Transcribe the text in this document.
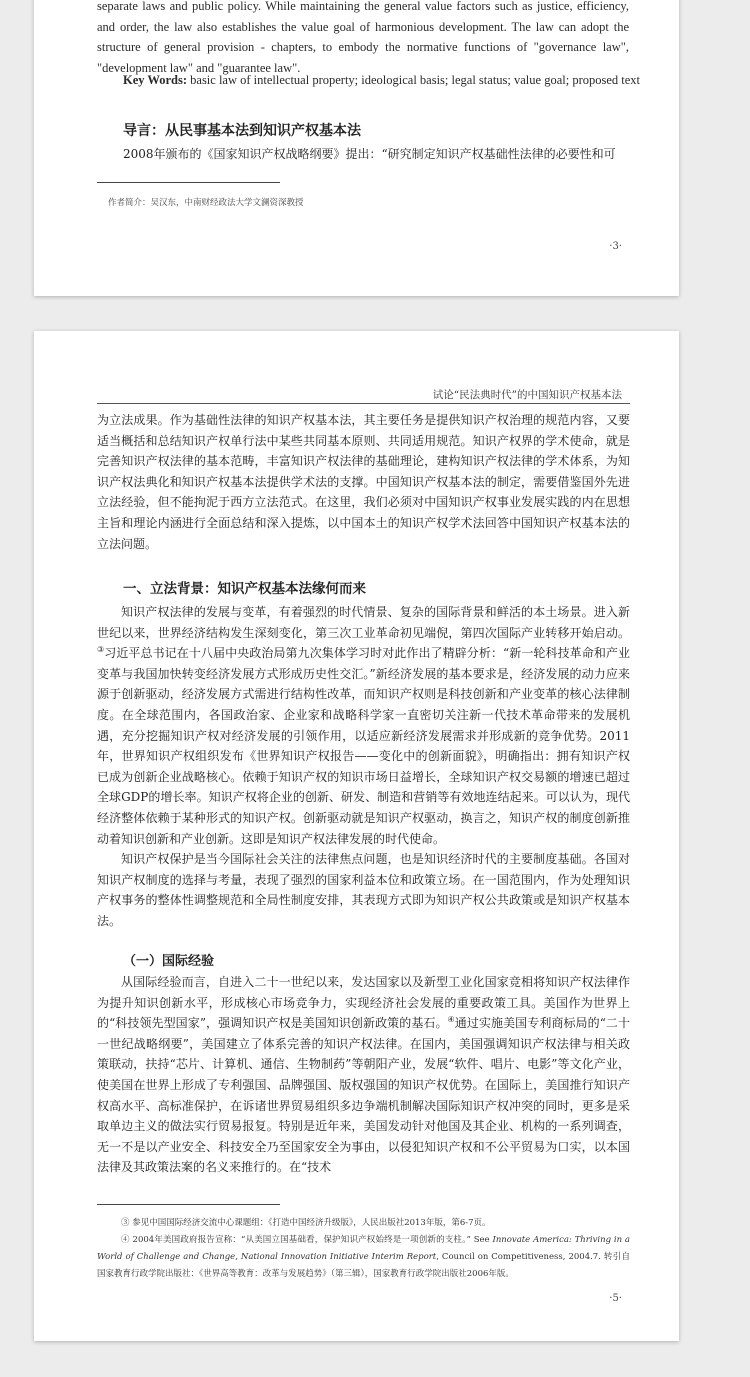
separate laws and public policy. While maintaining the general value factors such as justice, efficiency, and order, the law also establishes the value goal of harmonious development. The law can adopt the structure of general provision - chapters, to embody the normative functions of "governance law", "development law" and "guarantee law".
Key Words: basic law of intellectual property; ideological basis; legal status; value goal; proposed text
导言：从民事基本法到知识产权基本法
2008年颁布的《国家知识产权战略纲要》提出：“研究制定知识产权基础性法律的必要性和可
作者简介：吴汉东，中南财经政法大学文澜资深教授
·3·
试论“民法典时代”的中国知识产权基本法

为立法成果。作为基础性法律的知识产权基本法，其主要任务是提供知识产权治理的规范内容，又要适当概括和总结知识产权单行法中某些共同基本原则、共同适用规范。知识产权界的学术使命，就是完善知识产权法律的基本范畴，丰富知识产权法律的基础理论，建构知识产权法律的学术体系，为知识产权法典化和知识产权基本法提供学术法的支撑。中国知识产权基本法的制定，需要借鉴国外先进立法经验，但不能拘泥于西方立法范式。在这里，我们必须对中国知识产权事业发展实践的内在思想主旨和理论内涵进行全面总结和深入提炼，以中国本土的知识产权学术法回答中国知识产权基本法的立法问题。

一、立法背景：知识产权基本法缘何而来

知识产权法律的发展与变革，有着强烈的时代情景、复杂的国际背景和鲜活的本土场景。进入新世纪以来，世界经济结构发生深刻变化，第三次工业革命初见端倪，第四次国际产业转移开始启动。③习近平总书记在十八届中央政治局第九次集体学习时对此作出了精辟分析：“新一轮科技革命和产业变革与我国加快转变经济发展方式形成历史性交汇。”新经济发展的基本要求是，经济发展的动力应来源于创新驱动，经济发展方式需进行结构性改革，而知识产权则是科技创新和产业变革的核心法律制度。在全球范围内，各国政治家、企业家和战略科学家一直密切关注新一代技术革命带来的发展机遇，充分挖掘知识产权对经济发展的引领作用，以适应新经济发展需求并形成新的竞争优势。2011年，世界知识产权组织发布《世界知识产权报告——变化中的创新面貌》，明确指出：拥有知识产权已成为创新企业战略核心。依赖于知识产权的知识市场日益增长，全球知识产权交易额的增速已超过全球GDP的增长率。知识产权将企业的创新、研发、制造和营销等有效地连结起来。可以认为，现代经济整体依赖于某种形式的知识产权。创新驱动就是知识产权驱动，换言之，知识产权的制度创新推动着知识创新和产业创新。这即是知识产权法律发展的时代使命。

知识产权保护是当今国际社会关注的法律焦点问题，也是知识经济时代的主要制度基础。各国对知识产权制度的选择与考量，表现了强烈的国家利益本位和政策立场。在一国范围内，作为处理知识产权事务的整体性调整规范和全局性制度安排，其表现方式即为知识产权公共政策或是知识产权基本法。

（一）国际经验

从国际经验而言，自进入二十一世纪以来，发达国家以及新型工业化国家竞相将知识产权法律作为提升知识创新水平，形成核心市场竞争力，实现经济社会发展的重要政策工具。美国作为世界上的“科技领先型国家”，强调知识产权是美国知识创新政策的基石。④通过实施美国专利商标局的“二十一世纪战略纲要”，美国建立了体系完善的知识产权法律。在国内，美国强调知识产权法律与相关政策联动，扶持“芯片、计算机、通信、生物制药”等朝阳产业，发展“软件、唱片、电影”等文化产业，使美国在世界上形成了专利强国、品牌强国、版权强国的知识产权优势。在国际上，美国推行知识产权高水平、高标准保护，在诉诸世界贸易组织多边争端机制解决国际知识产权冲突的同时，更多是采取单边主义的做法实行贸易报复。特别是近年来，美国发动针对他国及其企业、机构的一系列调查，无一不是以产业安全、科技安全乃至国家安全为事由，以侵犯知识产权和不公平贸易为口实，以本国法律及其政策法案的名义来推行的。在“技术

③ 参见中国国际经济交流中心课题组：《打造中国经济升级版》，人民出版社2013年版，第6-7页。

④ 2004年美国政府报告宣称：“从美国立国基础看，保护知识产权始终是一项创新的支柱。” See Innovate America: Thriving in a World of Challenge and Change, National Innovation Initiative Interim Report, Council on Competitiveness, 2004.7. 转引自国家教育行政学院出版社：《世界高等教育：改革与发展趋势》（第三辑），国家教育行政学院出版社2006年版。

·5·
